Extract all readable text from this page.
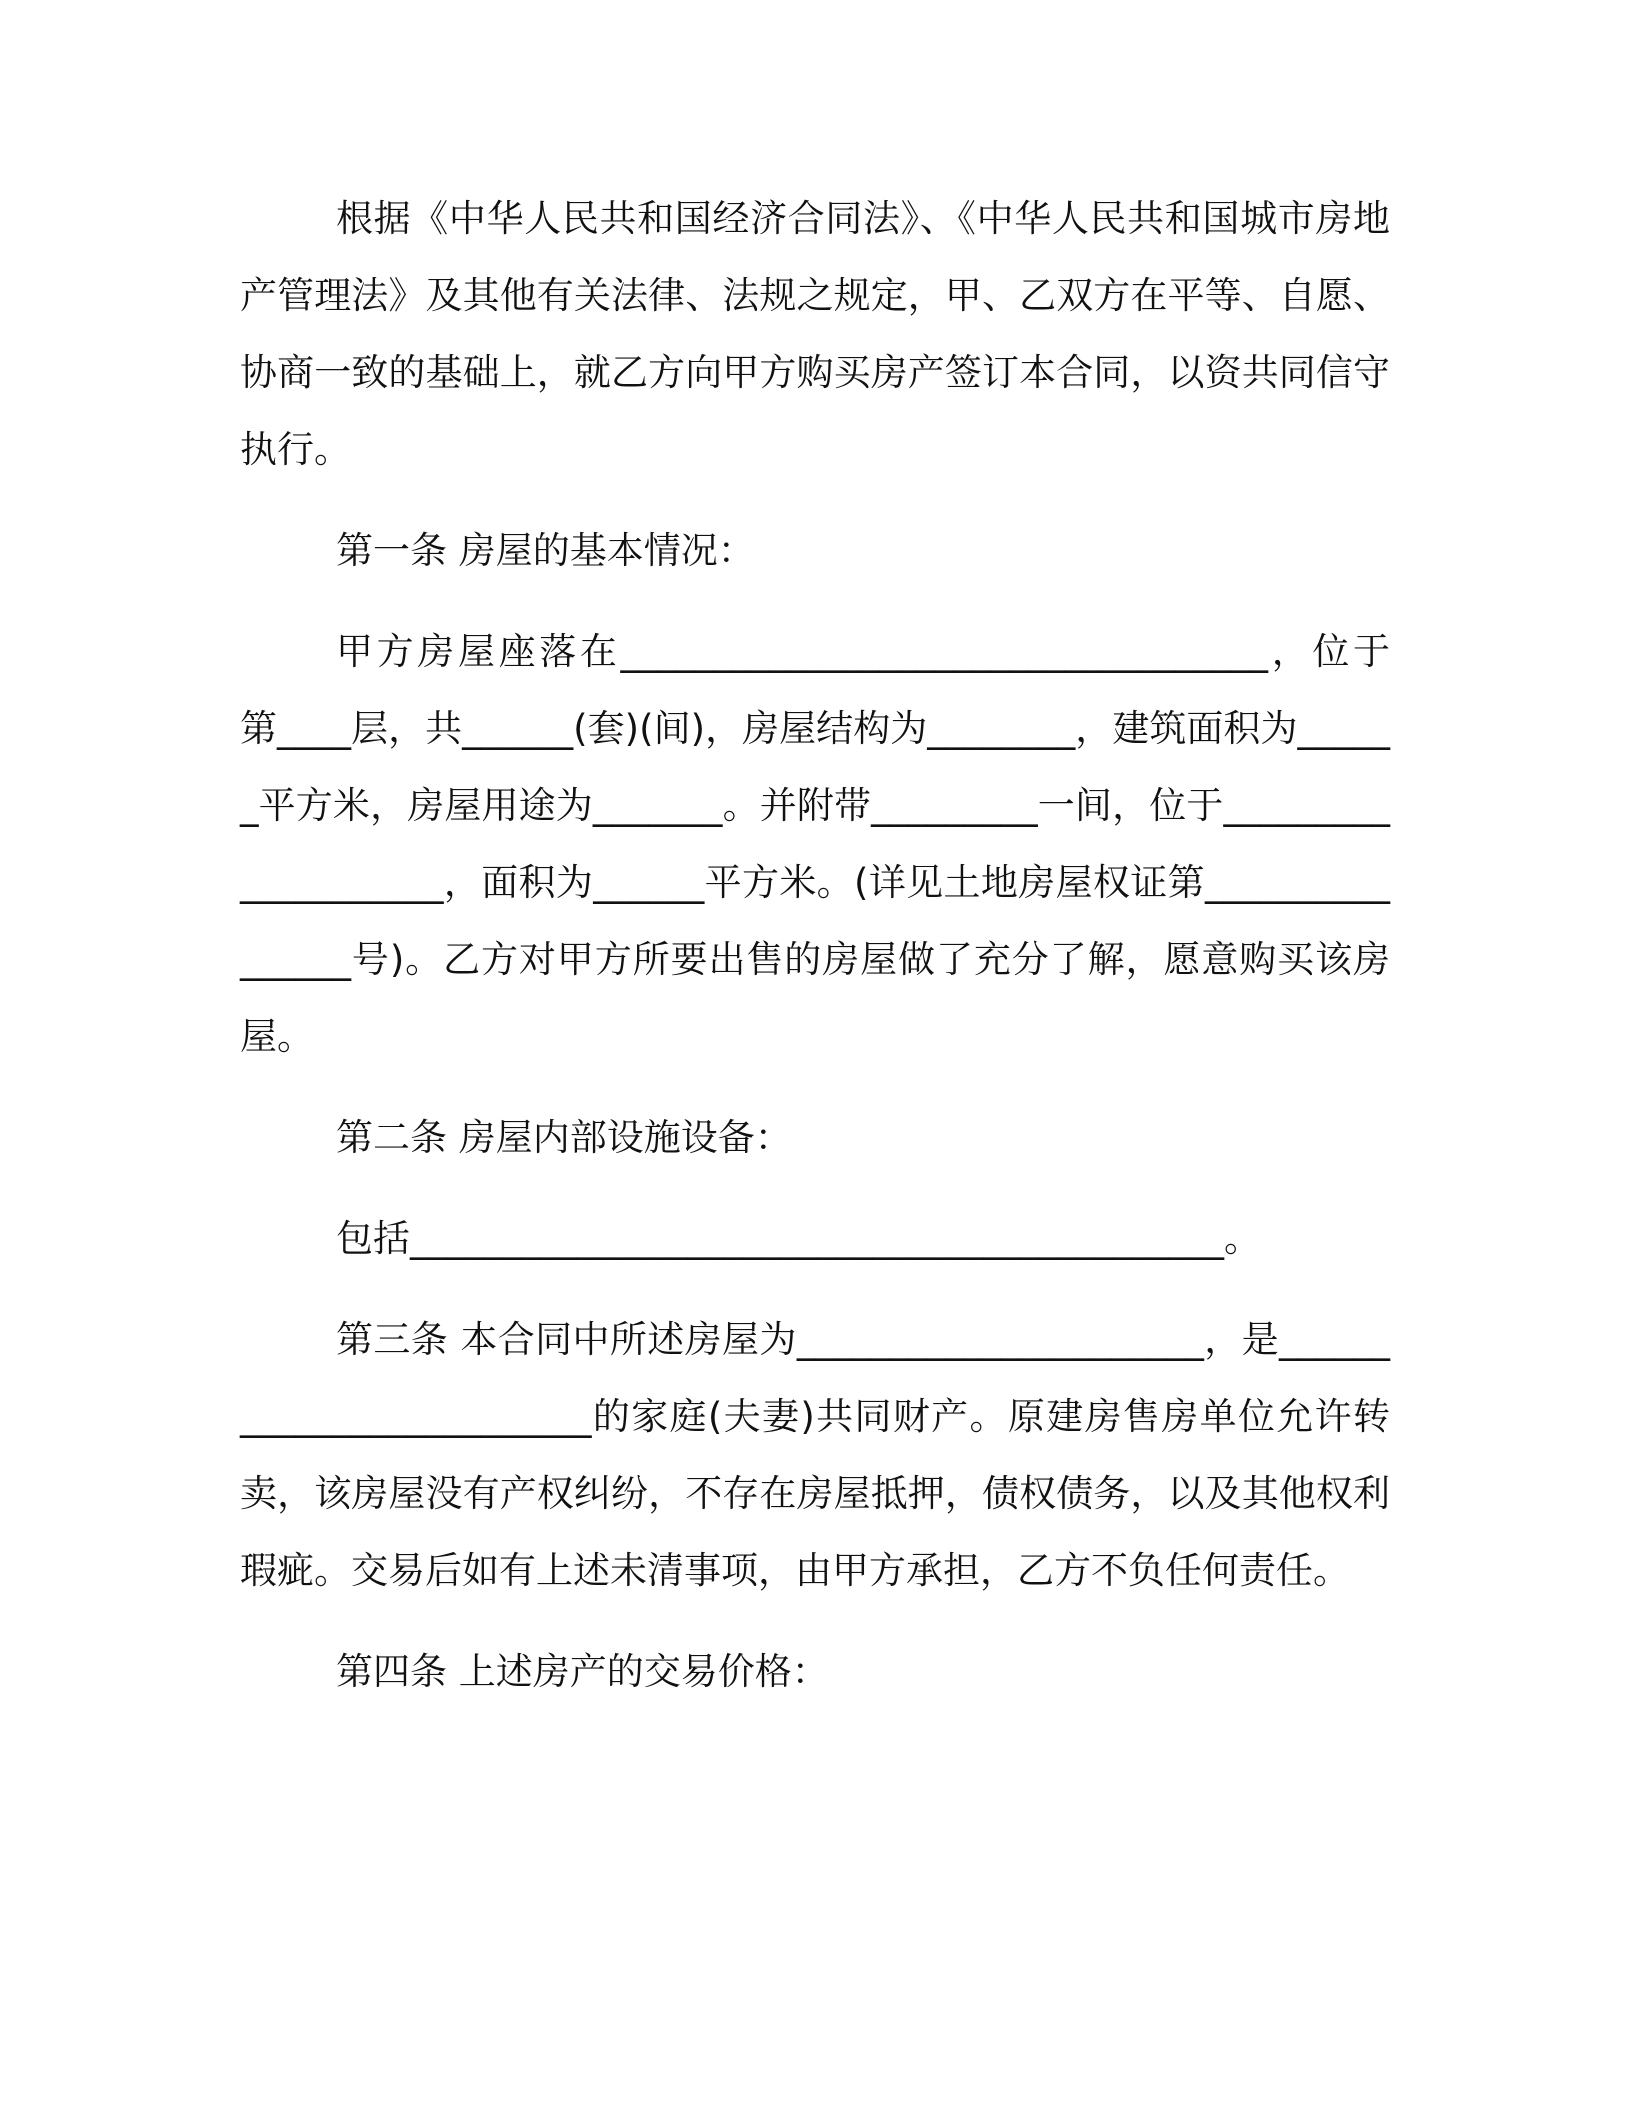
根据《中华人民共和国经济合同法》、《中华人民共和国城市房地产管理法》及其他有关法律、法规之规定，甲、乙双方在平等、自愿、协商一致的基础上，就乙方向甲方购买房产签订本合同，以资共同信守执行。

第一条 房屋的基本情况：

甲方房屋座落在___________________________________，位于第____层，共______(套)(间)，房屋结构为________，建筑面积为______平方米，房屋用途为_______。并附带_________一间，位于____________________，面积为______平方米。(详见土地房屋权证第________________号)。乙方对甲方所要出售的房屋做了充分了解，愿意购买该房屋。

第二条 房屋内部设施设备：

包括____________________________________________。

第三条 本合同中所述房屋为______________________，是_________________________的家庭(夫妻)共同财产。原建房售房单位允许转卖，该房屋没有产权纠纷，不存在房屋抵押，债权债务，以及其他权利瑕疵。交易后如有上述未清事项，由甲方承担，乙方不负任何责任。

第四条 上述房产的交易价格：
